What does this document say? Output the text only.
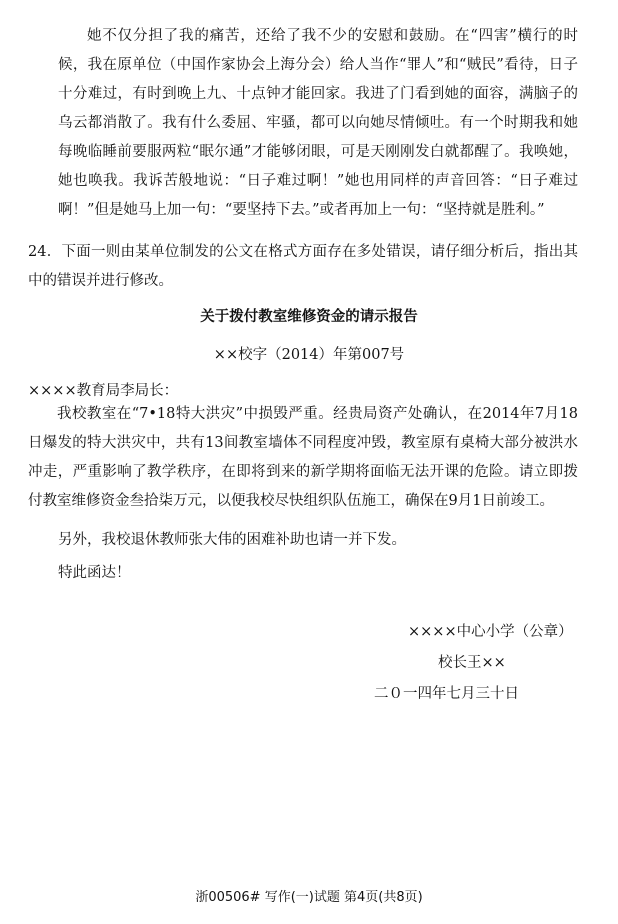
她不仅分担了我的痛苦，还给了我不少的安慰和鼓励。在“四害”横行的时候，我在原单位（中国作家协会上海分会）给人当作“罪人”和“贼民”看待，日子十分难过，有时到晚上九、十点钟才能回家。我进了门看到她的面容，满脑子的乌云都消散了。我有什么委屈、牢骚，都可以向她尽情倾吐。有一个时期我和她每晚临睡前要服两粒“眠尔通”才能够闭眼，可是天刚刚发白就都醒了。我唤她，她也唤我。我诉苦般地说：“日子难过啊！”她也用同样的声音回答：“日子难过啊！”但是她马上加一句：“要坚持下去。”或者再加上一句：“坚持就是胜利。”

24．下面一则由某单位制发的公文在格式方面存在多处错误，请仔细分析后，指出其中的错误并进行修改。

关于拨付教室维修资金的请示报告
××校字（2014）年第007号
××××教育局李局长：

我校教室在“7•18特大洪灾”中损毁严重。经贵局资产处确认，在2014年7月18日爆发的特大洪灾中，共有13间教室墙体不同程度冲毁，教室原有桌椅大部分被洪水冲走，严重影响了教学秩序，在即将到来的新学期将面临无法开课的危险。请立即拨付教室维修资金叁拾柒万元，以便我校尽快组织队伍施工，确保在9月1日前竣工。

另外，我校退休教师张大伟的困难补助也请一并下发。
特此函达！
××××中心小学（公章）
校长王××
二０一四年七月三十日
浙00506# 写作(一)试题 第4页(共8页)
